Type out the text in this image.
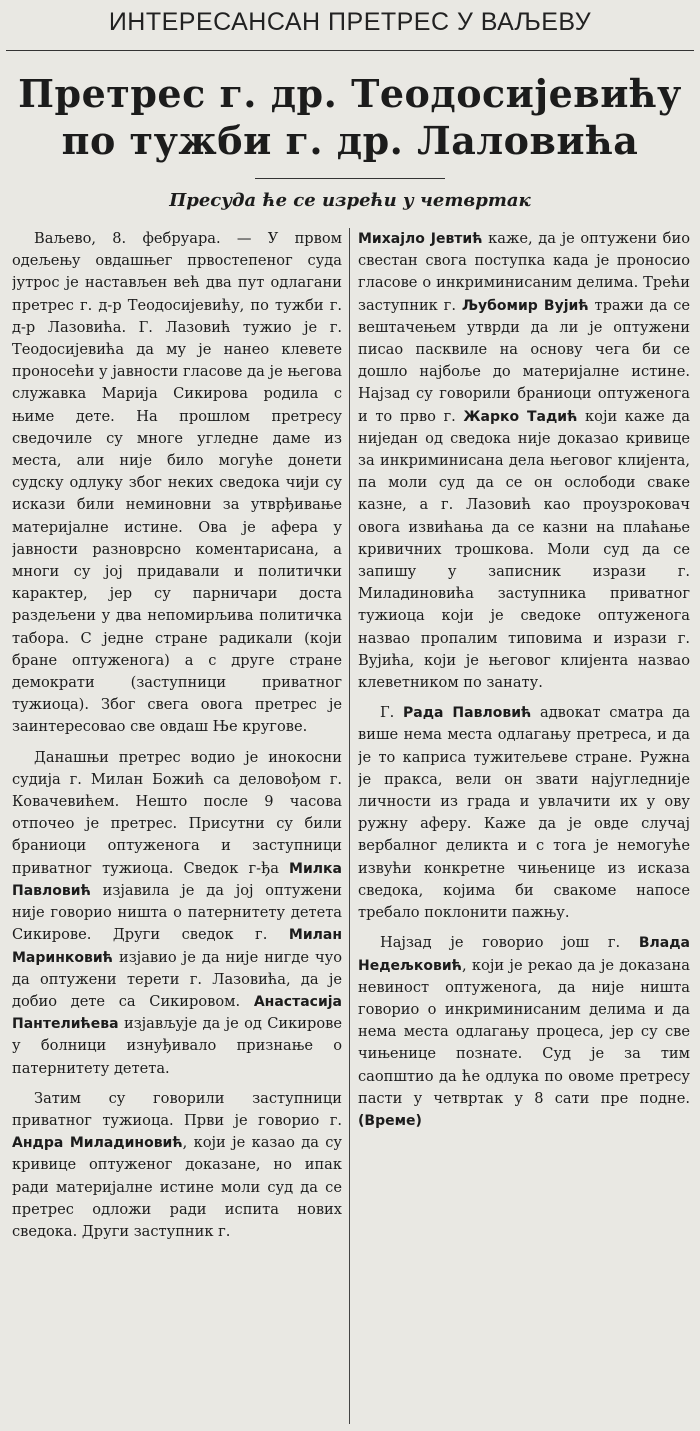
ИНТЕРЕСАНСАН ПРЕТРЕС У ВАЉЕВУ
Претрес г. др. Теодосијевићу
по тужби г. др. Лаловића
Пресуда ће се изрећи у четвртак

Ваљево, 8. фебруара. — У првом одељењу овдашњег првостепеног суда јутрос је настављен већ два пут одлагани претрес г. д-р Теодосијевићу, по тужби г. д-р Лазовића. Г. Лазовић тужио је г. Теодосијевића да му је нанео клевете проносећи у јавности гласове да је његова служавка Марија Сикирова родила с њиме дете. На прошлом претресу сведочиле су многе угледне даме из места, али није било могуће донети судску одлуку због неких сведока чији су искази били неминовни за утврђивање материјалне истине. Ова је афера у јавности разноврсно коментарисана, а многи су јој придавали и политички карактер, јер су парничари доста раздељени у два непомирљива политичка табора. С једне стране радикали (који бране оптуженога) а с друге стране демократи (заступници приватног тужиоца). Због свега овога претрес је заинтересовао све овдаш Ње кругове.

Данашњи претрес водио је инокосни судија г. Милан Божић са деловођом г. Ковачевићем. Нешто после 9 часова отпочео је претрес. Присутни су били браниоци оптуженога и заступници приватног тужиоца. Сведок г-ђа Милка Павловић изјавила је да јој оптужени није говорио ништа о патернитету детета Сикирове. Други сведок г. Милан Маринковић изјавио је да није нигде чуо да оптужени терети г. Лазовића, да је добио дете са Сикировом. Анастасија Пантелићева изјављује да је од Сикирове у болници изнуђивало признање о патернитету детета.

Затим су говорили заступници приватног тужиоца. Први је говорио г. Андра Миладиновић, који је казао да су кривице оптуженог доказане, но ипак ради материјалне истине моли суд да се претрес одложи ради испита нових сведока. Други заступник г.

Михајло Јевтић каже, да је оптужени био свестан свога поступка када је проносио гласове о инкриминисаним делима. Трећи заступник г. Љубомир Вујић тражи да се вештачењем утврди да ли је оптужени писао пасквиле на основу чега би се дошло најбоље до материјалне истине. Најзад су говорили браниоци оптуженога и то прво г. Жарко Тадић који каже да ниједан од сведока није доказао кривице за инкриминисана дела његовог клијента, па моли суд да се он ослободи сваке казне, а г. Лазовић као проузроковач овога извићања да се казни на плаћање кривичних трошкова. Моли суд да се запишу у записник изрази г. Миладиновића заступника приватног тужиоца који је сведоке оптуженога назвао пропалим типовима и изрази г. Вујића, који је његовог клијента назвао клеветником по занату.

Г. Рада Павловић адвокат сматра да више нема места одлагању претреса, и да је то каприса тужитељеве стране. Ружна је пракса, вели он звати најугледније личности из града и увлачити их у ову ружну аферу. Каже да је овде случај вербалног деликта и с тога је немогуће извући конкретне чињенице из исказа сведока, којима би свакоме напосе требало поклонити пажњу.

Најзад је говорио још г. Влада Недељковић, који је рекао да је доказана невиност оптуженога, да није ништа говорио о инкриминисаним делима и да нема места одлагању процеса, јер су све чињенице познате. Суд је за тим саопштио да ће одлука по овоме претресу пасти у четвртак у 8 сати пре подне. (Време)
